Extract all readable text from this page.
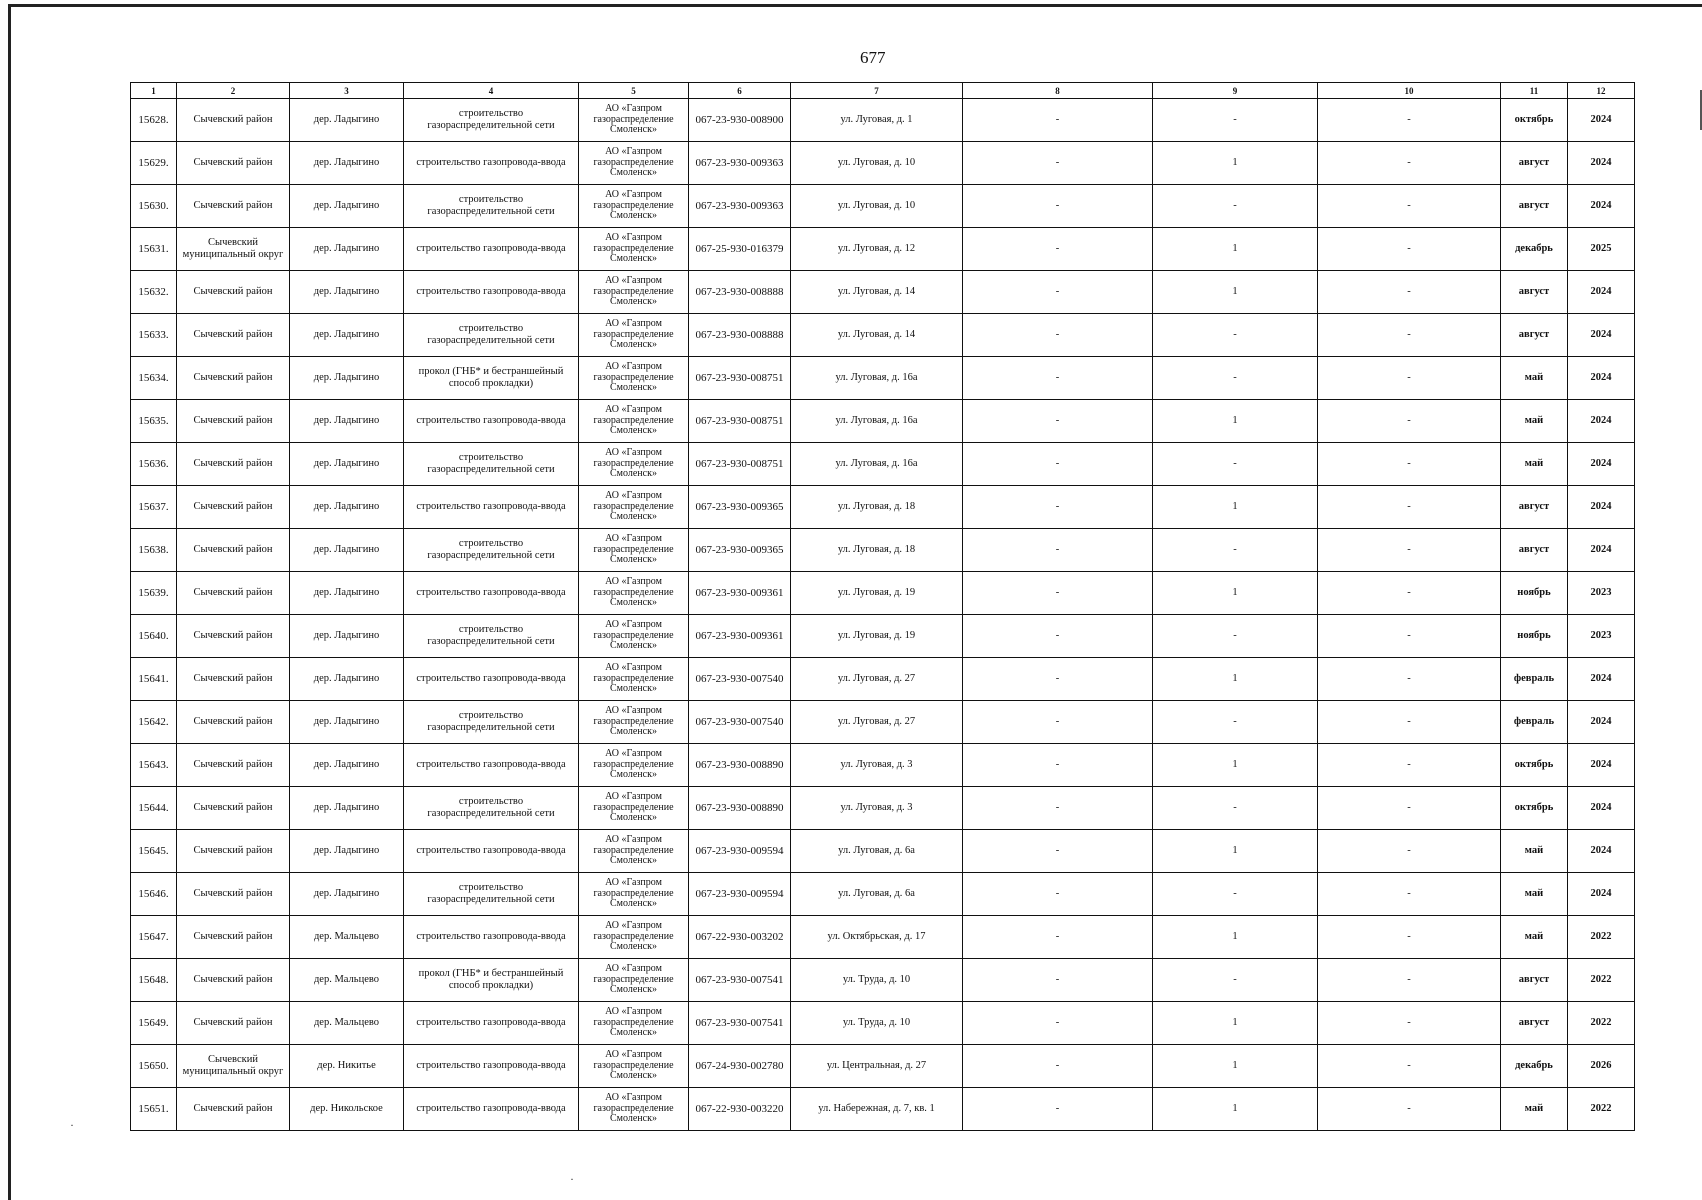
677
1	2	3	4	5	6	7	8	9	10	11	12
15628.	Сычевский район	дер. Ладыгино	строительство газораспределительной сети	АО «Газпром газораспределение Смоленск»	067-23-930-008900	ул. Луговая, д. 1	-	-	-	октябрь	2024
15629.	Сычевский район	дер. Ладыгино	строительство газопровода-ввода	АО «Газпром газораспределение Смоленск»	067-23-930-009363	ул. Луговая, д. 10	-	1	-	август	2024
15630.	Сычевский район	дер. Ладыгино	строительство газораспределительной сети	АО «Газпром газораспределение Смоленск»	067-23-930-009363	ул. Луговая, д. 10	-	-	-	август	2024
15631.	Сычевский муниципальный округ	дер. Ладыгино	строительство газопровода-ввода	АО «Газпром газораспределение Смоленск»	067-25-930-016379	ул. Луговая, д. 12	-	1	-	декабрь	2025
15632.	Сычевский район	дер. Ладыгино	строительство газопровода-ввода	АО «Газпром газораспределение Смоленск»	067-23-930-008888	ул. Луговая, д. 14	-	1	-	август	2024
15633.	Сычевский район	дер. Ладыгино	строительство газораспределительной сети	АО «Газпром газораспределение Смоленск»	067-23-930-008888	ул. Луговая, д. 14	-	-	-	август	2024
15634.	Сычевский район	дер. Ладыгино	прокол (ГНБ* и бестраншейный способ прокладки)	АО «Газпром газораспределение Смоленск»	067-23-930-008751	ул. Луговая, д. 16а	-	-	-	май	2024
15635.	Сычевский район	дер. Ладыгино	строительство газопровода-ввода	АО «Газпром газораспределение Смоленск»	067-23-930-008751	ул. Луговая, д. 16а	-	1	-	май	2024
15636.	Сычевский район	дер. Ладыгино	строительство газораспределительной сети	АО «Газпром газораспределение Смоленск»	067-23-930-008751	ул. Луговая, д. 16а	-	-	-	май	2024
15637.	Сычевский район	дер. Ладыгино	строительство газопровода-ввода	АО «Газпром газораспределение Смоленск»	067-23-930-009365	ул. Луговая, д. 18	-	1	-	август	2024
15638.	Сычевский район	дер. Ладыгино	строительство газораспределительной сети	АО «Газпром газораспределение Смоленск»	067-23-930-009365	ул. Луговая, д. 18	-	-	-	август	2024
15639.	Сычевский район	дер. Ладыгино	строительство газопровода-ввода	АО «Газпром газораспределение Смоленск»	067-23-930-009361	ул. Луговая, д. 19	-	1	-	ноябрь	2023
15640.	Сычевский район	дер. Ладыгино	строительство газораспределительной сети	АО «Газпром газораспределение Смоленск»	067-23-930-009361	ул. Луговая, д. 19	-	-	-	ноябрь	2023
15641.	Сычевский район	дер. Ладыгино	строительство газопровода-ввода	АО «Газпром газораспределение Смоленск»	067-23-930-007540	ул. Луговая, д. 27	-	1	-	февраль	2024
15642.	Сычевский район	дер. Ладыгино	строительство газораспределительной сети	АО «Газпром газораспределение Смоленск»	067-23-930-007540	ул. Луговая, д. 27	-	-	-	февраль	2024
15643.	Сычевский район	дер. Ладыгино	строительство газопровода-ввода	АО «Газпром газораспределение Смоленск»	067-23-930-008890	ул. Луговая, д. 3	-	1	-	октябрь	2024
15644.	Сычевский район	дер. Ладыгино	строительство газораспределительной сети	АО «Газпром газораспределение Смоленск»	067-23-930-008890	ул. Луговая, д. 3	-	-	-	октябрь	2024
15645.	Сычевский район	дер. Ладыгино	строительство газопровода-ввода	АО «Газпром газораспределение Смоленск»	067-23-930-009594	ул. Луговая, д. 6а	-	1	-	май	2024
15646.	Сычевский район	дер. Ладыгино	строительство газораспределительной сети	АО «Газпром газораспределение Смоленск»	067-23-930-009594	ул. Луговая, д. 6а	-	-	-	май	2024
15647.	Сычевский район	дер. Мальцево	строительство газопровода-ввода	АО «Газпром газораспределение Смоленск»	067-22-930-003202	ул. Октябрьская, д. 17	-	1	-	май	2022
15648.	Сычевский район	дер. Мальцево	прокол (ГНБ* и бестраншейный способ прокладки)	АО «Газпром газораспределение Смоленск»	067-23-930-007541	ул. Труда, д. 10	-	-	-	август	2022
15649.	Сычевский район	дер. Мальцево	строительство газопровода-ввода	АО «Газпром газораспределение Смоленск»	067-23-930-007541	ул. Труда, д. 10	-	1	-	август	2022
15650.	Сычевский муниципальный округ	дер. Никитье	строительство газопровода-ввода	АО «Газпром газораспределение Смоленск»	067-24-930-002780	ул. Центральная, д. 27	-	1	-	декабрь	2026
15651.	Сычевский район	дер. Никольское	строительство газопровода-ввода	АО «Газпром газораспределение Смоленск»	067-22-930-003220	ул. Набережная, д. 7, кв. 1	-	1	-	май	2022
·
·
